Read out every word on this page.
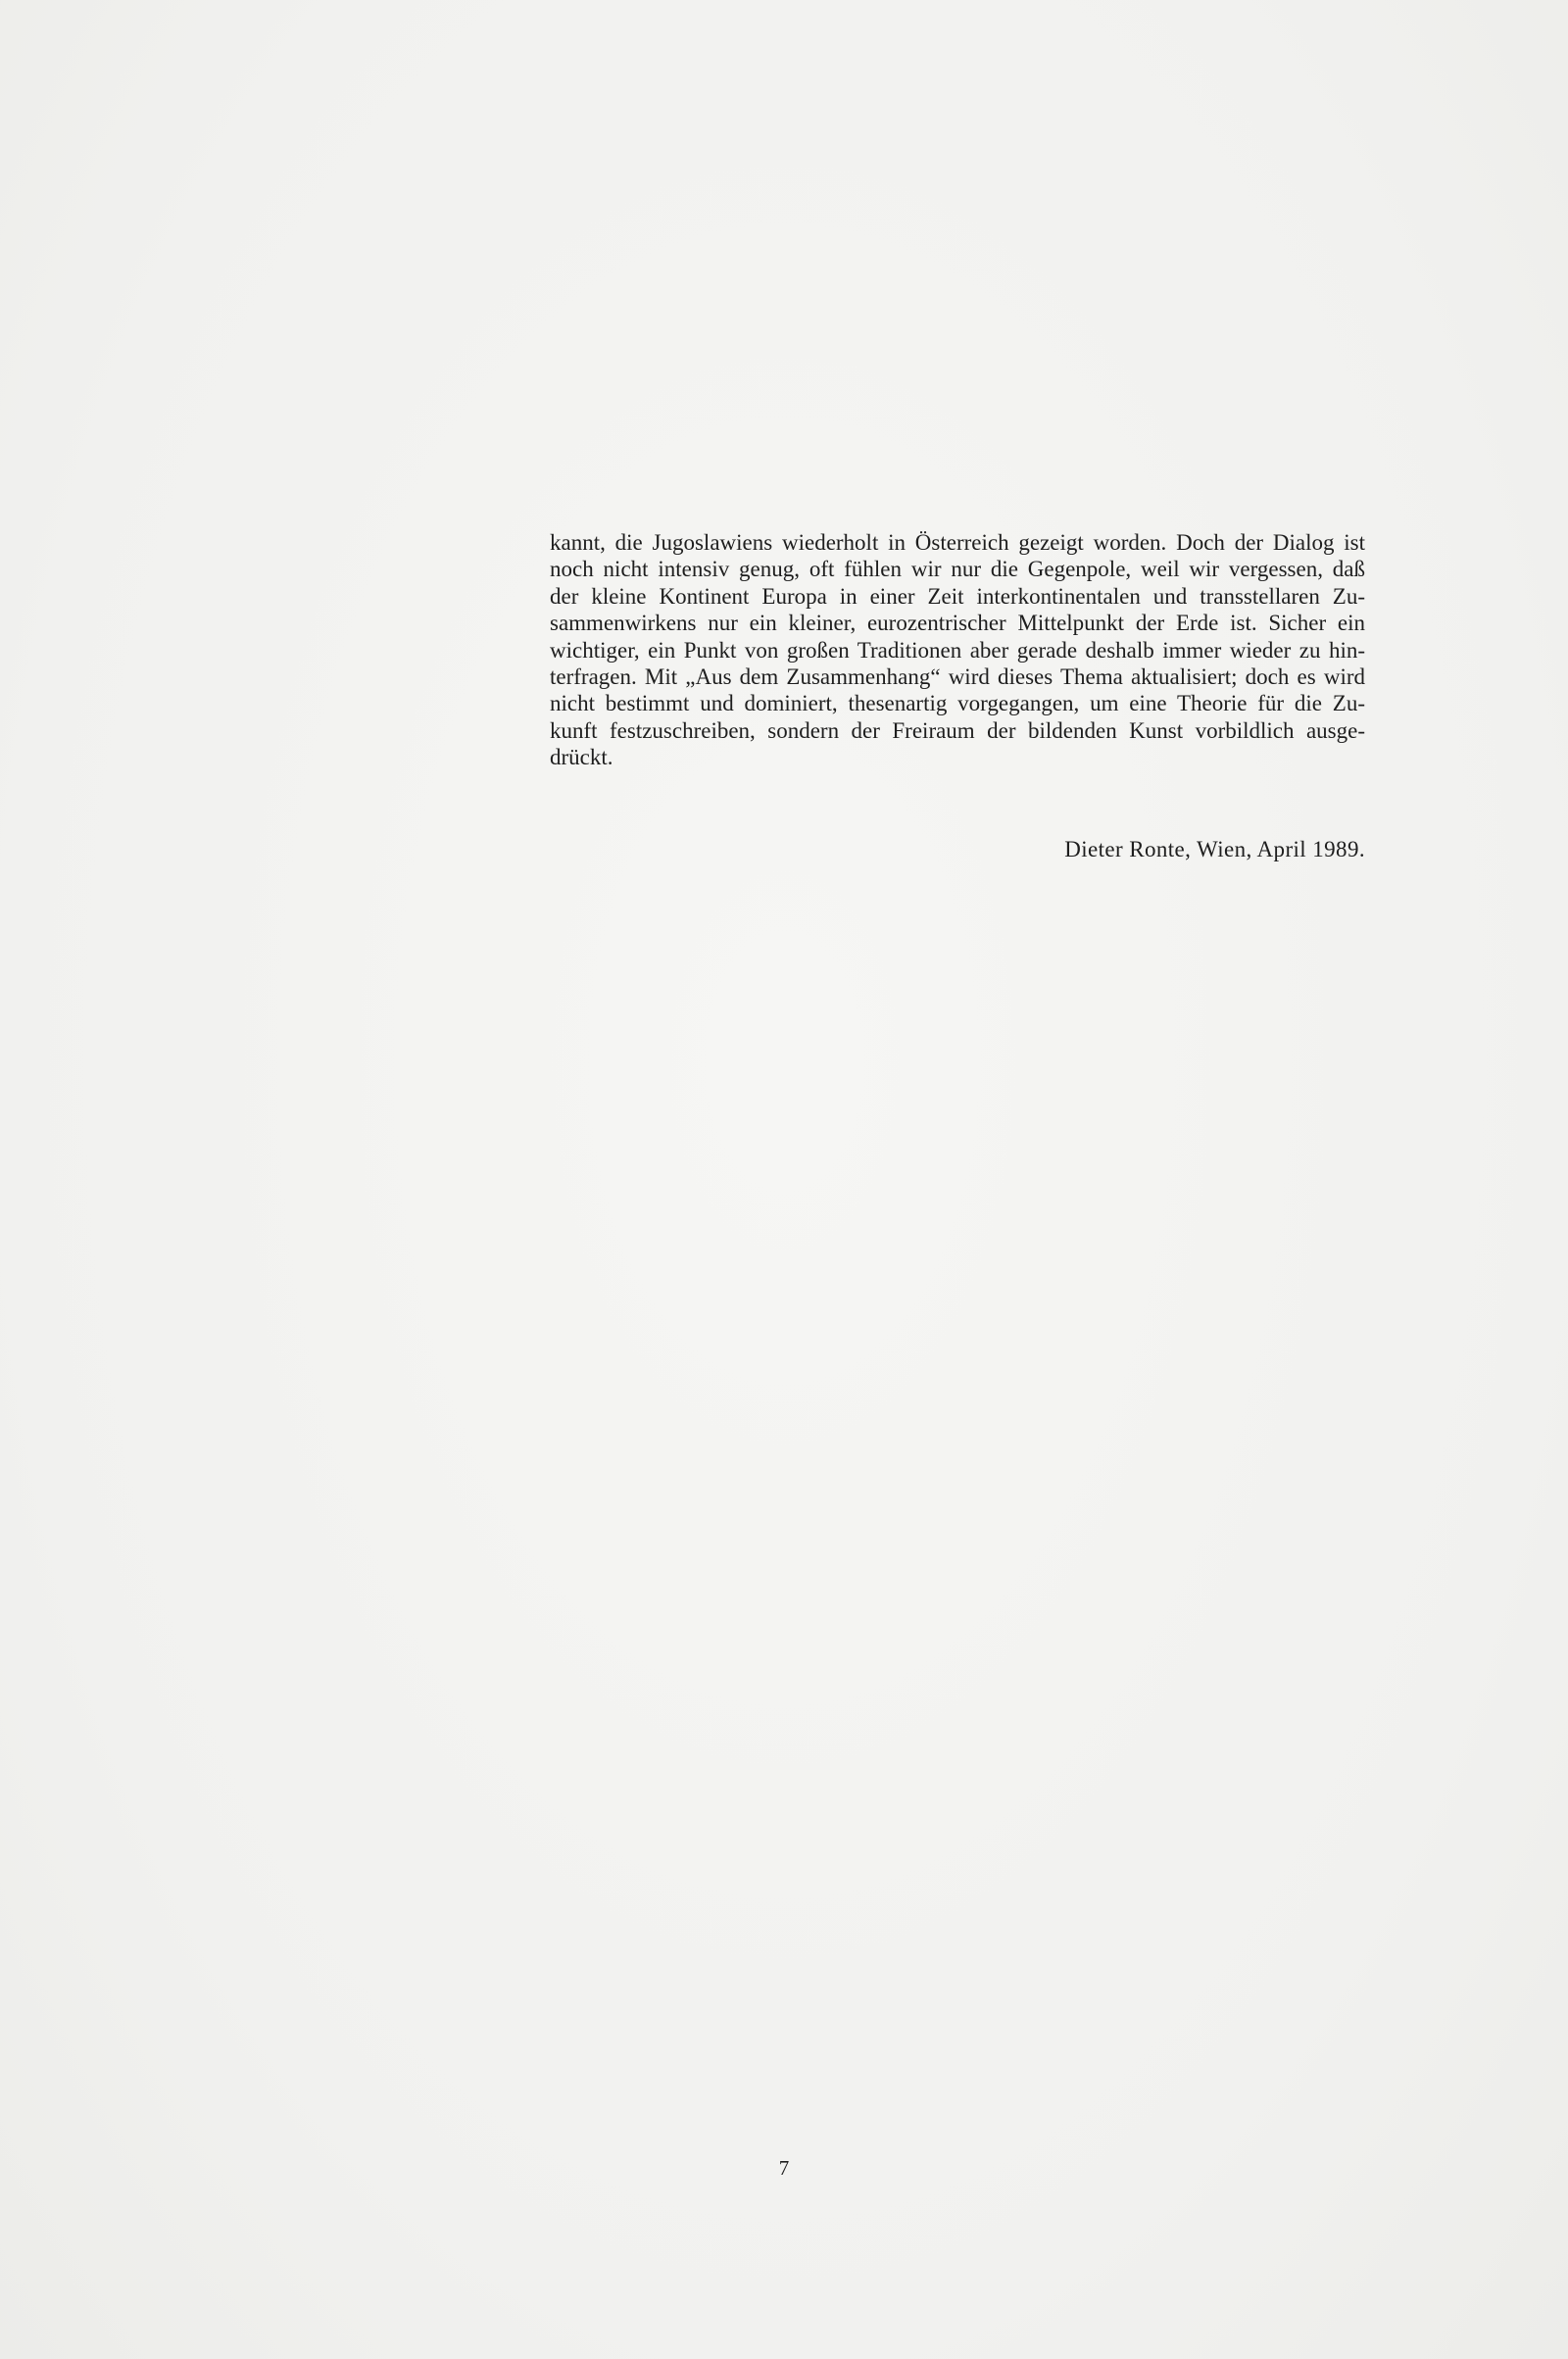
kannt, die Jugoslawiens wiederholt in Österreich gezeigt worden. Doch der Dialog ist
noch nicht intensiv genug, oft fühlen wir nur die Gegenpole, weil wir vergessen, daß
der kleine Kontinent Europa in einer Zeit interkontinentalen und transstellaren Zu-
sammenwirkens nur ein kleiner, eurozentrischer Mittelpunkt der Erde ist. Sicher ein
wichtiger, ein Punkt von großen Traditionen aber gerade deshalb immer wieder zu hin-
terfragen. Mit „Aus dem Zusammenhang“ wird dieses Thema aktualisiert; doch es wird
nicht bestimmt und dominiert, thesenartig vorgegangen, um eine Theorie für die Zu-
kunft festzuschreiben, sondern der Freiraum der bildenden Kunst vorbildlich ausge-
drückt.

Dieter Ronte, Wien, April 1989.

7
